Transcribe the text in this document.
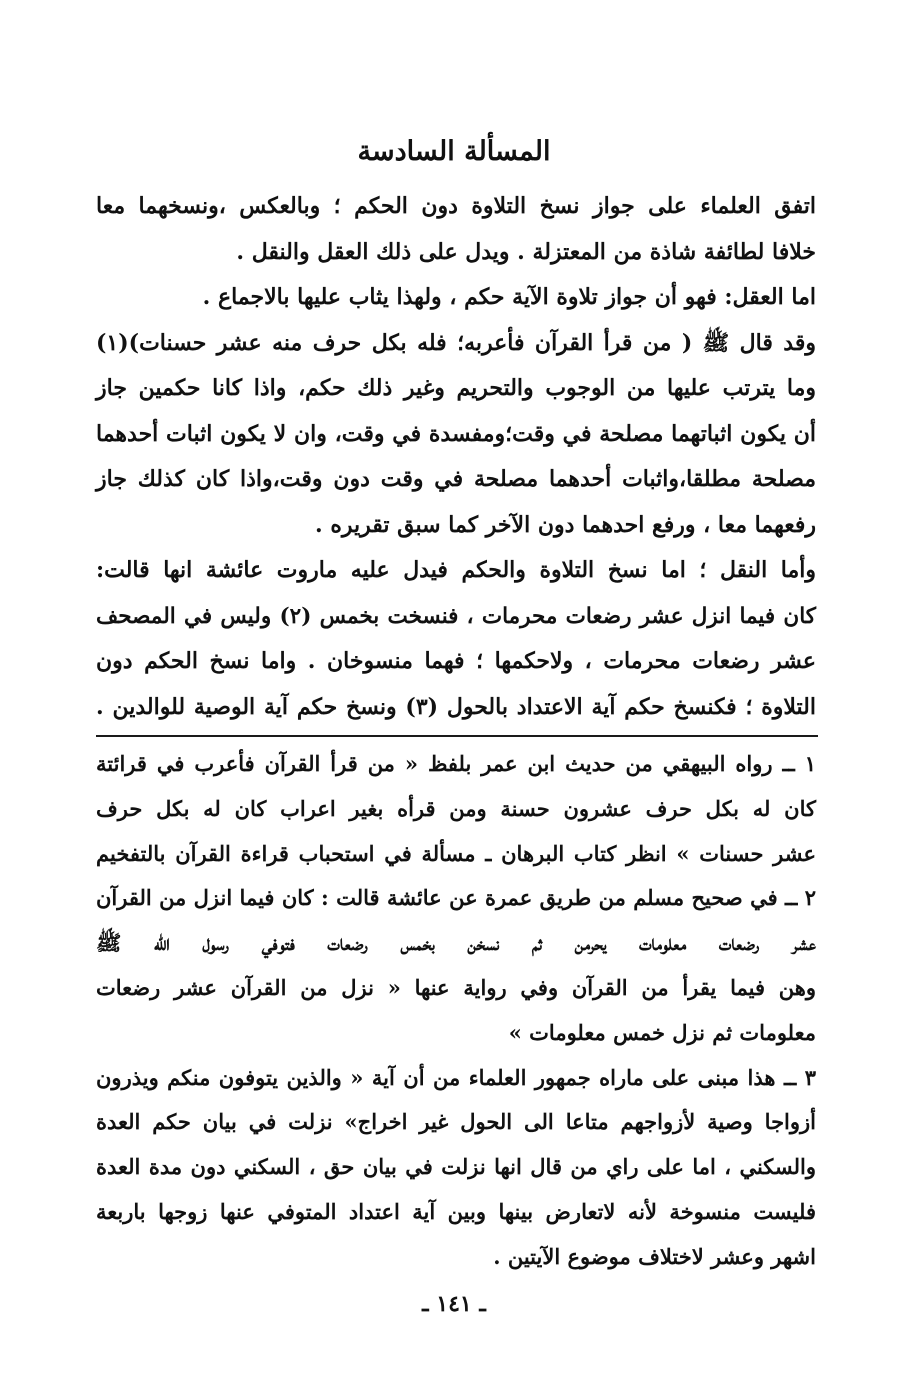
المسألة السادسة
اتفق العلماء على جواز نسخ التلاوة دون الحكم ؛ وبالعكس ،ونسخهما معا
خلافا لطائفة شاذة من المعتزلة . ويدل على ذلك العقل والنقل .
اما العقل: فهو أن جواز تلاوة الآية حكم ، ولهذا يثاب عليها بالاجماع .
وقد قال ﷺ ( من قرأ القرآن فأعربه؛ فله بكل حرف منه عشر حسنات)(١)
وما يترتب عليها من الوجوب والتحريم وغير ذلك حكم، واذا كانا حكمين جاز
أن يكون اثباتهما مصلحة في وقت؛ومفسدة في وقت، وان لا يكون اثبات أحدهما
مصلحة مطلقا،واثبات أحدهما مصلحة في وقت دون وقت،واذا كان كذلك جاز
رفعهما معا ، ورفع احدهما دون الآخر كما سبق تقريره .
وأما النقل ؛ اما نسخ التلاوة والحكم فيدل عليه ماروت عائشة انها قالت:
كان فيما انزل عشر رضعات محرمات ، فنسخت بخمس (٢) وليس في المصحف
عشر رضعات محرمات ، ولاحكمها ؛ فهما منسوخان . واما نسخ الحكم دون
التلاوة ؛ فكنسخ حكم آية الاعتداد بالحول (٣) ونسخ حكم آية الوصية للوالدين .
١ ــ رواه البيهقي من حديث ابن عمر بلفظ « من قرأ القرآن فأعرب في قرائتة
كان له بكل حرف عشرون حسنة ومن قرأه بغير اعراب كان له بكل حرف
عشر حسنات » انظر كتاب البرهان ـ مسألة في استحباب قراءة القرآن بالتفخيم
٢ ــ في صحيح مسلم من طريق عمرة عن عائشة قالت : كان فيما انزل من القرآن
عشر رضعات معلومات يحرمن ثم نسخن بخمس رضعات فتوفي رسول الله ﷺ
وهن فيما يقرأ من القرآن وفي رواية عنها « نزل من القرآن عشر رضعات
معلومات ثم نزل خمس معلومات »
٣ ــ هذا مبنى على ماراه جمهور العلماء من أن آية « والذين يتوفون منكم ويذرون
أزواجا وصية لأزواجهم متاعا الى الحول غير اخراج» نزلت في بيان حكم العدة
والسكني ، اما على راي من قال انها نزلت في بيان حق ، السكني دون مدة العدة
فليست منسوخة لأنه لاتعارض بينها وبين آية اعتداد المتوفي عنها زوجها باربعة
اشهر وعشر لاختلاف موضوع الآيتين .
ـ ١٤١ ـ
